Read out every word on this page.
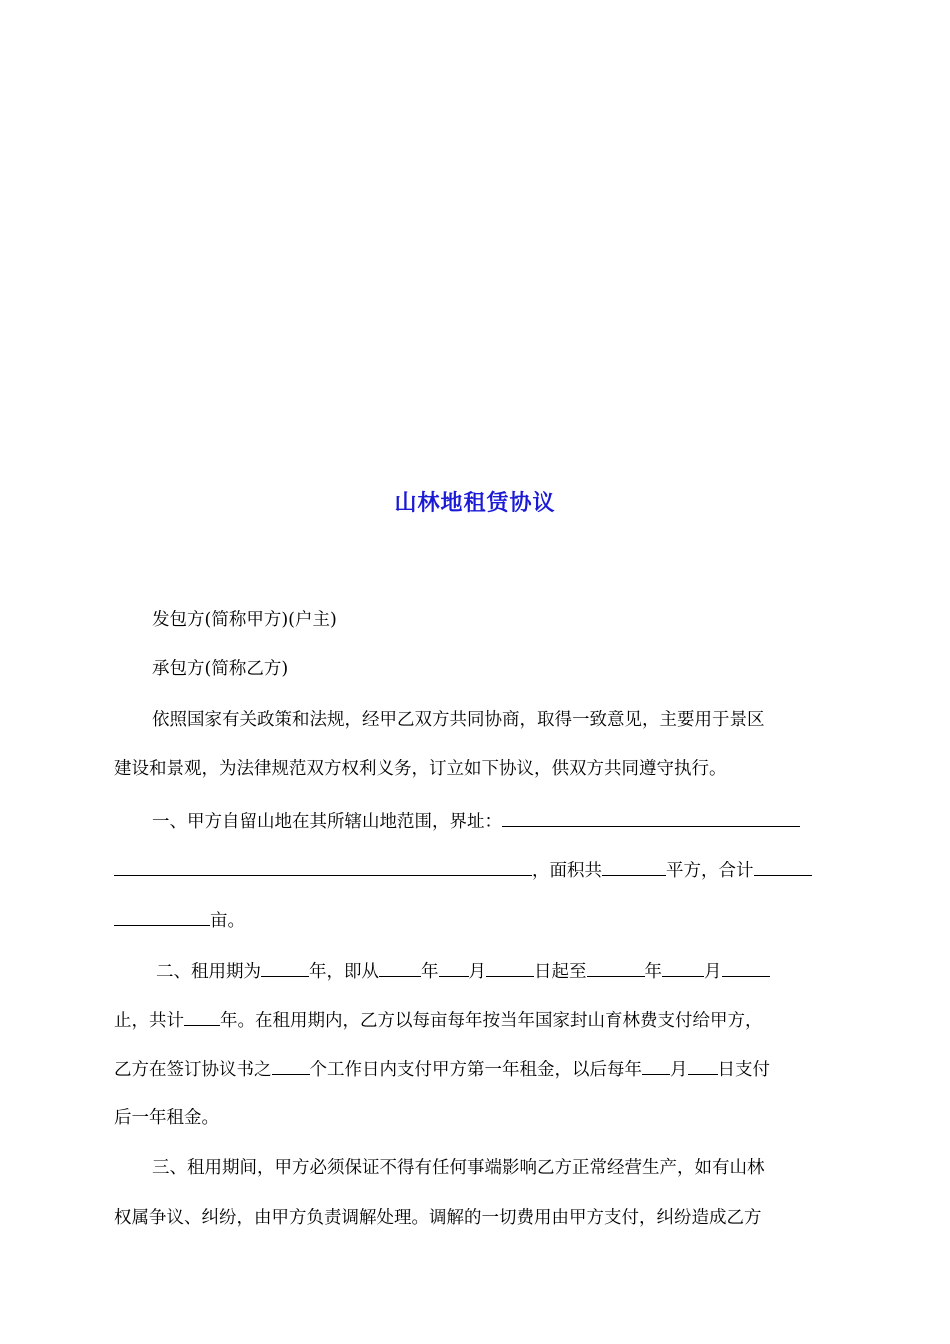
山林地租赁协议
发包方(简称甲方)(户主)
承包方(简称乙方)
依照国家有关政策和法规，经甲乙双方共同协商，取得一致意见，主要用于景区
建设和景观，为法律规范双方权利义务，订立如下协议，供双方共同遵守执行。
一、甲方自留山地在其所辖山地范围，界址：
，面积共	平方，合计
亩。
二、租用期为	年，即从 年 月	日起至	年 月
止，共计 年。在租用期内，乙方以每亩每年按当年国家封山育林费支付给甲方，
乙方在签订协议书之 个工作日内支付甲方第一年租金，以后每年 月 日支付
后一年租金。
三、租用期间，甲方必须保证不得有任何事端影响乙方正常经营生产，如有山林
权属争议、纠纷，由甲方负责调解处理。调解的一切费用由甲方支付，纠纷造成乙方
